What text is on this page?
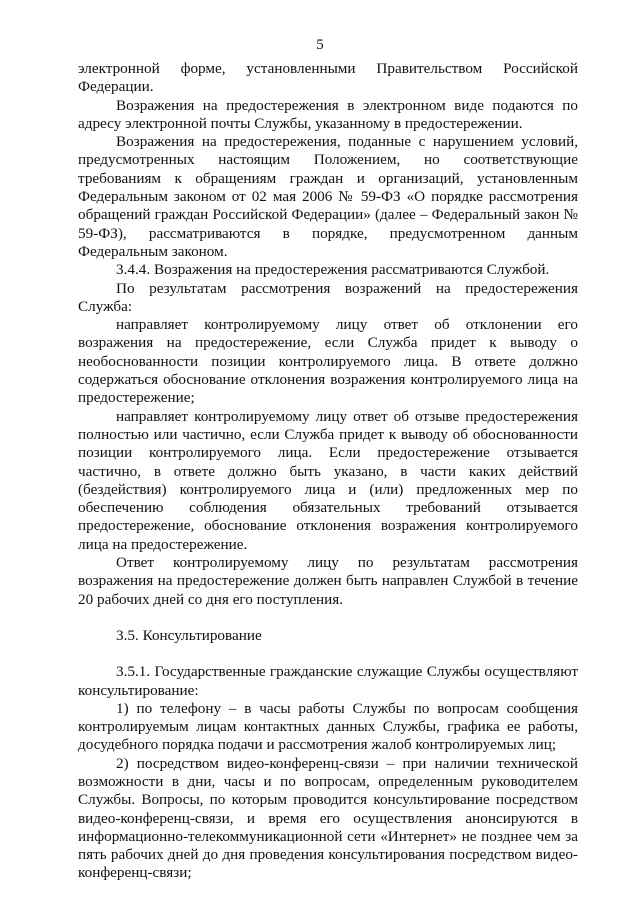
5

электронной форме, установленными Правительством Российской Федерации.

Возражения на предостережения в электронном виде подаются по адресу электронной почты Службы, указанному в предостережении.

Возражения на предостережения, поданные с нарушением условий, предусмотренных настоящим Положением, но соответствующие требованиям к обращениям граждан и организаций, установленным Федеральным законом от 02 мая 2006 № 59-ФЗ «О порядке рассмотрения обращений граждан Российской Федерации» (далее – Федеральный закон № 59-ФЗ), рассматриваются в порядке, предусмотренном данным Федеральным законом.

3.4.4. Возражения на предостережения рассматриваются Службой.

По результатам рассмотрения возражений на предостережения Служба:

направляет контролируемому лицу ответ об отклонении его возражения на предостережение, если Служба придет к выводу о необоснованности позиции контролируемого лица. В ответе должно содержаться обоснование отклонения возражения контролируемого лица на предостережение;

направляет контролируемому лицу ответ об отзыве предостережения полностью или частично, если Служба придет к выводу об обоснованности позиции контролируемого лица. Если предостережение отзывается частично, в ответе должно быть указано, в части каких действий (бездействия) контролируемого лица и (или) предложенных мер по обеспечению соблюдения обязательных требований отзывается предостережение, обоснование отклонения возражения контролируемого лица на предостережение.

Ответ контролируемому лицу по результатам рассмотрения возражения на предостережение должен быть направлен Службой в течение 20 рабочих дней со дня его поступления.

3.5. Консультирование

3.5.1. Государственные гражданские служащие Службы осуществляют консультирование:

1) по телефону – в часы работы Службы по вопросам сообщения контролируемым лицам контактных данных Службы, графика ее работы, досудебного порядка подачи и рассмотрения жалоб контролируемых лиц;

2) посредством видео-конференц-связи – при наличии технической возможности в дни, часы и по вопросам, определенным руководителем Службы. Вопросы, по которым проводится консультирование посредством видео-конференц-связи, и время его осуществления анонсируются в информационно-телекоммуникационной сети «Интернет» не позднее чем за пять рабочих дней до дня проведения консультирования посредством видео-конференц-связи;
